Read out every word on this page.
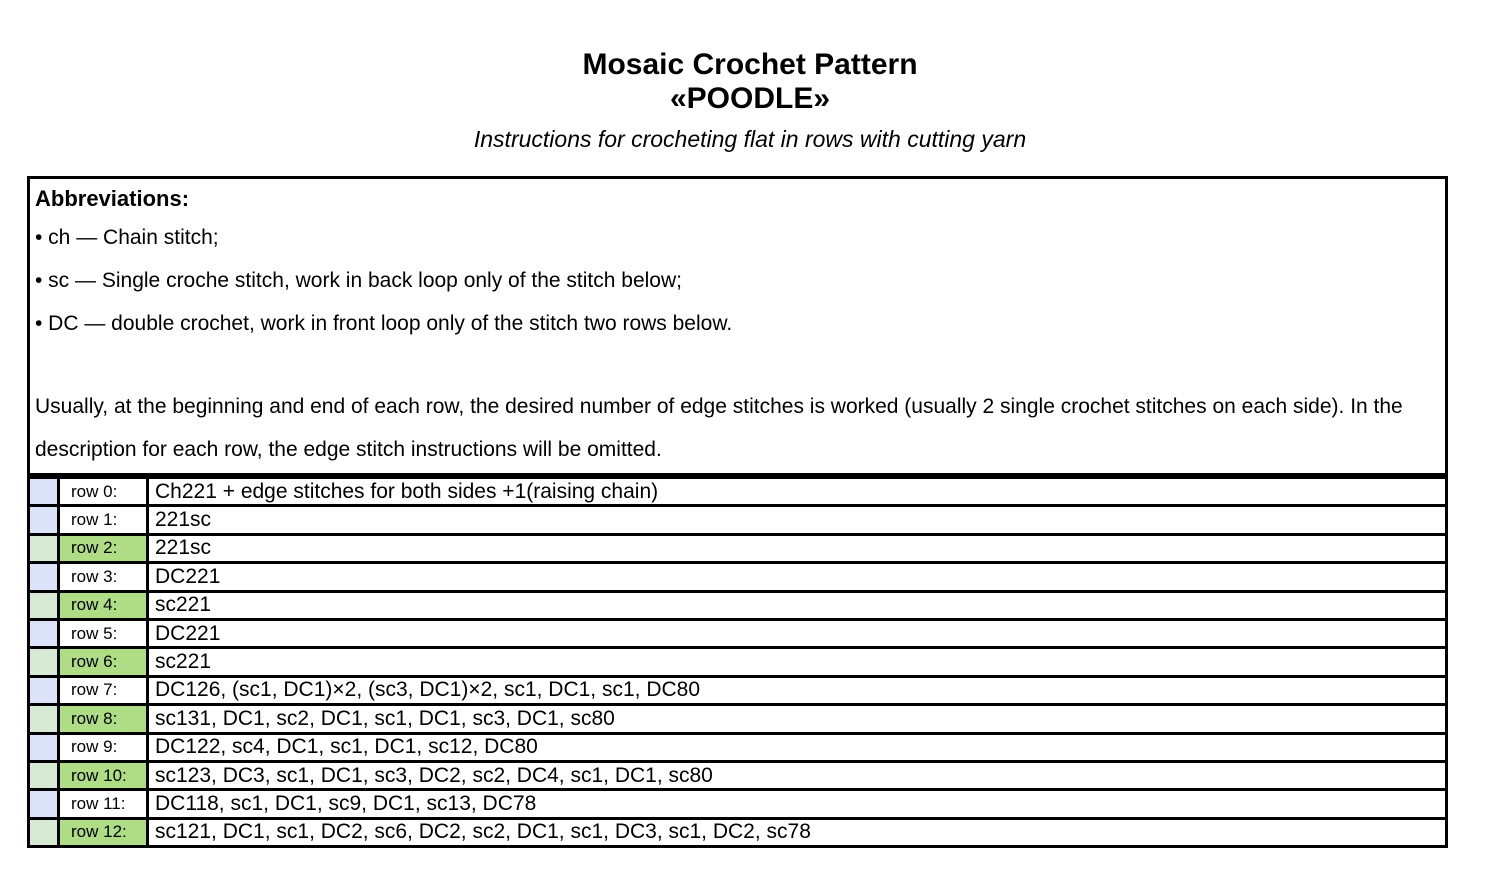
Mosaic Crochet Pattern
«POODLE»
Instructions for crocheting flat in rows with cutting yarn

Abbreviations:

• ch — Chain stitch;

• sc — Single croche stitch, work in back loop only of the stitch below;

• DC — double crochet, work in front loop only of the stitch two rows below.

Usually, at the beginning and end of each row, the desired number of edge stitches is worked (usually 2 single crochet stitches on each side). In the description for each row, the edge stitch instructions will be omitted.

	row 0:	Ch221 + edge stitches for both sides +1(raising chain)
	row 1:	221sc
	row 2:	221sc
	row 3:	DC221
	row 4:	sc221
	row 5:	DC221
	row 6:	sc221
	row 7:	DC126, (sc1, DC1)×2, (sc3, DC1)×2, sc1, DC1, sc1, DC80
	row 8:	sc131, DC1, sc2, DC1, sc1, DC1, sc3, DC1, sc80
	row 9:	DC122, sc4, DC1, sc1, DC1, sc12, DC80
	row 10:	sc123, DC3, sc1, DC1, sc3, DC2, sc2, DC4, sc1, DC1, sc80
	row 11:	DC118, sc1, DC1, sc9, DC1, sc13, DC78
	row 12:	sc121, DC1, sc1, DC2, sc6, DC2, sc2, DC1, sc1, DC3, sc1, DC2, sc78
